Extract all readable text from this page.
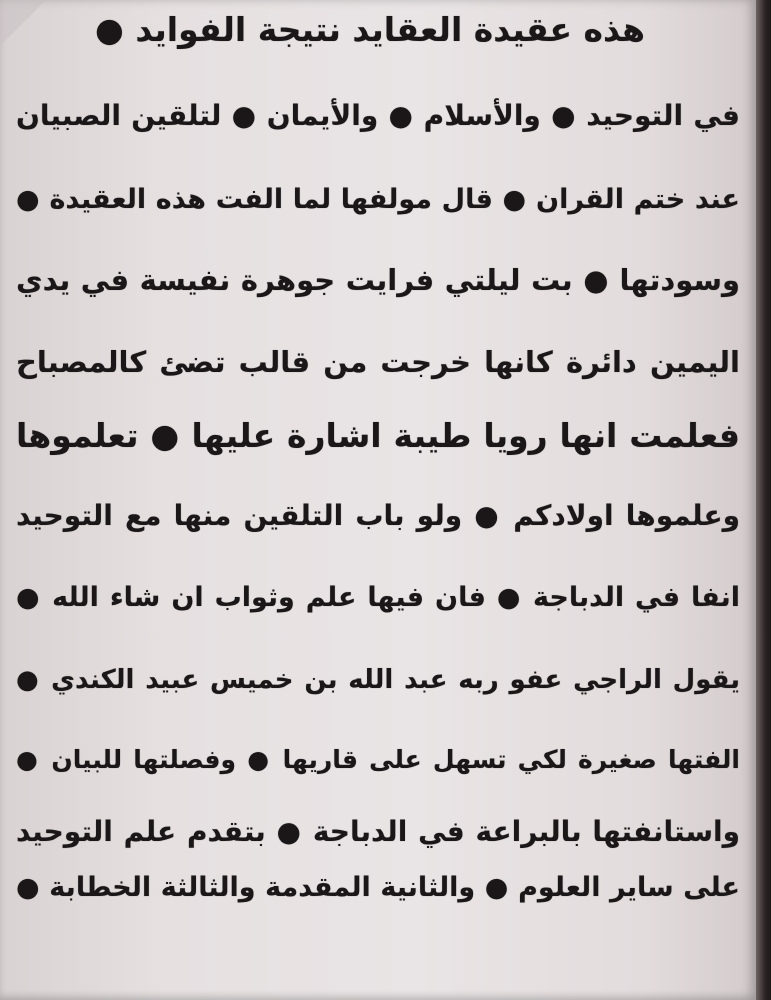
هذه عقيدة العقايد نتيجة الفوايد ●
في التوحيد ● والأسلام ● والأيمان ● لتلقين الصبيان
عند ختم القران ● قال مولفها لما الفت هذه العقيدة ●
وسودتها ● بت ليلتي فرايت جوهرة نفيسة في يدي
اليمين دائرة كانها خرجت من قالب تضئ كالمصباح
فعلمت انها رويا طيبة اشارة عليها ● تعلموها
وعلموها اولادكم ● ولو باب التلقين منها مع التوحيد
انفا في الدباجة ● فان فيها علم وثواب ان شاء الله ●
يقول الراجي عفو ربه عبد الله بن خميس عبيد الكندي ●
الفتها صغيرة لكي تسهل على قاريها ● وفصلتها للبيان ●
واستانفتها بالبراعة في الدباجة ● بتقدم علم التوحيد
على ساير العلوم ● والثانية المقدمة والثالثة الخطابة ●
